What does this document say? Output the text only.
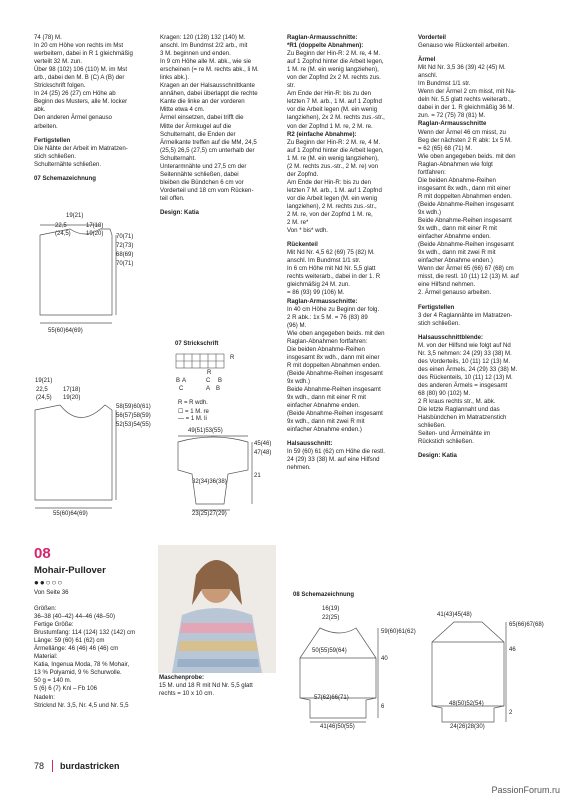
74 (78) M.
In 20 cm Höhe von rechts im Mst
werbeitern, dabei in R 1 gleichmäßig
verteilt 32 M. zun.
Über 98 (102) 106 (110) M. im Mst
arb., dabei den M. B (C) A (B) der
Strickschrift folgen.
In 24 (25) 26 (27) cm Höhe ab
Beginn des Musters, alle M. locker
abk.
Den anderen Ärmel genauso
arbeiten.

Fertigstellen

Die Nähte der Arbeit im Matratzen-
stich schließen.
Schulternähte schließen.

07 Schemazeichnung

19(21)
22,5
(24,5)
17(18)
19(20) 70(71)
72(73)
68(69)
70(71)
55(60)64(69)
19(21)
22,5
(24,5)
17(18)
19(20)
58(59)60(61)
56(57)58(59)
52(53)54(55)
55(60)64(69)

Kragen: 120 (128) 132 (140) M.
anschl. Im Bundmst 2/2 arb., mit
3 M. beginnen und enden.
In 9 cm Höhe alle M. abk., wie sie
erscheinen (= re M. rechts abk., li M.
links abk.).
Kragen an der Halsausschnittkante
annähen, dabei überlappt die rechte
Kante die linke an der vorderen
Mitte etwa 4 cm.
Ärmel einsetzen, dabei trifft die
Mitte der Ärmkugel auf die
Schulternaht, die Enden der
Ärmelkante treffen auf die MM, 24,5
(25,5) 26,5 (27,5) cm unterhalb der
Schulternaht.
Unterarmnähte und 27,5 cm der
Seitennähte schließen, dabei
bleiben die Bündchen 6 cm vor
Vorderteil und 18 cm vom Rücken-
teil offen.

Design: Katia

07 Strickschrift
R
R
B A
C
C B
A B
R = R wdh.
☐ = 1 M. re
— = 1 M. li
49(51)53(55)
45(46)
47(48)
21
32(34)36(38)
23(25)27(29)

Raglan-Armausschnitte:

*R1 (doppelte Abnahmen):

Zu Beginn der Hin-R: 2 M. re, 4 M.
auf 1 Zopfnd hinter die Arbeit legen,
1 M. re (M. ein wenig langziehen),
von der Zopfnd 2x 2 M. rechts zus.
str.
Am Ende der Hin-R: bis zu den
letzten 7 M. arb., 1 M. auf 1 Zopfnd
vor die Arbeit legen (M. ein wenig
langziehen), 2x 2 M. rechts zus.-str.,
von der Zopfnd 1 M. re, 2 M. re.

R2 (einfache Abnahme):

Zu Beginn der Hin-R: 2 M. re, 4 M.
auf 1 Zopfnd hinter die Arbeit legen,
1 M. re (M. ein wenig langziehen),
(2 M. rechts zus.-str., 2 M. re) von
der Zopfnd.
Am Ende der Hin-R: bis zu den
letzten 7 M. arb., 1 M. auf 1 Zopfnd
vor die Arbeit legen (M. ein wenig
langziehen), 2 M. rechts zus.-str.,
2 M. re, von der Zopfnd 1 M. re,
2 M. re*
Von * bis* wdh.

Rückenteil

Mit Nd Nr. 4,5 62 (69) 75 (82) M.
anschl. Im Bundmst 1/1 str.
In 6 cm Höhe mit Nd Nr. 5,5 glatt
rechts weiterarb., dabei in der 1. R
gleichmäßig 24 M. zun.
= 86 (93) 99 (106) M.

Raglan-Armausschnitte:

In 40 cm Höhe zu Beginn der folg.
2 R abk.: 1x 5 M. = 76 (83) 89
(96) M.
Wie oben angegeben beids. mit den
Raglan-Abnahmen fortfahren:
Die beiden Abnahme-Reihen
insgesamt 8x wdh., dann mit einer
R mit doppelten Abnahmen enden.
(Beide Abnahme-Reihen insgesamt
9x wdh.)
Beide Abnahme-Reihen insgesamt
9x wdh., dann mit einer R mit
einfacher Abnahme enden.
(Beide Abnahme-Reihen insgesamt
9x wdh., dann mit zwei R mit
einfacher Abnahme enden.)

Halsausschnitt:

In 59 (60) 61 (62) cm Höhe die restl.
24 (29) 33 (38) M. auf eine Hilfsnd
nehmen.

Vorderteil

Genauso wie Rückenteil arbeiten.

Ärmel

Mit Nd Nr. 3,5 36 (39) 42 (45) M.
anschl.
Im Bundmst 1/1 str.
Wenn der Ärmel 2 cm misst, mit Na-
deln Nr. 5,5 glatt rechts weiterarb.,
dabei in der 1. R gleichmäßig 36 M.
zun. = 72 (75) 78 (81) M.

Raglan-Armausschnitte

Wenn der Ärmel 46 cm misst, zu
Beg der nächsten 2 R abk: 1x 5 M.
= 62 (65) 68 (71) M.
Wie oben angegeben beids. mit den
Raglan-Abnahmen wie folgt
fortfahren:
Die beiden Abnahme-Reihen
insgesamt 8x wdh., dann mit einer
R mit doppelten Abnahmen enden.
(Beide Abnahme-Reihen insgesamt
9x wdh.)
Beide Abnahme-Reihen insgesamt
9x wdh., dann mit einer R mit
einfacher Abnahme enden.
(Beide Abnahme-Reihen insgesamt
9x wdh., dann mit zwei R mit
einfacher Abnahme enden.)
Wenn der Ärmel 65 (66) 67 (68) cm
misst, die restl. 10 (11) 12 (13) M. auf
eine Hilfsnd nehmen.
2. Ärmel genauso arbeiten.

Fertigstellen

3 der 4 Raglannähte im Matratzen-
stich schließen.

Halsausschnittblende:

M. von der Hilfsnd wie folgt auf Nd
Nr. 3,5 nehmen: 24 (29) 33 (38) M.
des Vorderteils, 10 (11) 12 (13) M.
des einen Ärmels, 24 (29) 33 (38) M.
des Rückenteils, 10 (11) 12 (13) M.
des anderen Ärmels = insgesamt
68 (80) 90 (102) M.
2 R kraus rechts str., M. abk.
Die letzte Raglannaht und das
Halsbündchen im Matratzenstich
schließen.
Seiten- und Ärmelnähte im
Rückstich schließen.

Design: Katia

08
Mohair-Pullover
●●○○○
Von Seite 36

Größen:
36–38 (40–42) 44–46 (48–50)
Fertige Größe:
Brustumfang: 114 (124) 132 (142) cm
Länge: 59 (60) 61 (62) cm
Ärmellänge: 46 (46) 46 (46) cm
Material:
Katia, Ingenua Moda, 78 % Mohair,
13 % Polyamid, 9 % Schurwolle.
50 g = 140 m.
5 (6) 6 (7) Knl – Fb 106
Nadeln:
Stricknd Nr. 3,5, Nr. 4,5 und Nr. 5,5

Maschenprobe:

15 M. und 18 R mit Nd Nr. 5,5 glatt
rechts = 10 x 10 cm.

08 Schemazeichnung
16(19)
22(25)
59(60)61(62)
50(55)59(64)
40
57(62)66(71)
6
41(46)50(55)
41(43)45(48)
65(66)67(68)
46
48(50)52(54)
2
24(26)28(30)
78 burdastricken
PassionForum.ru
